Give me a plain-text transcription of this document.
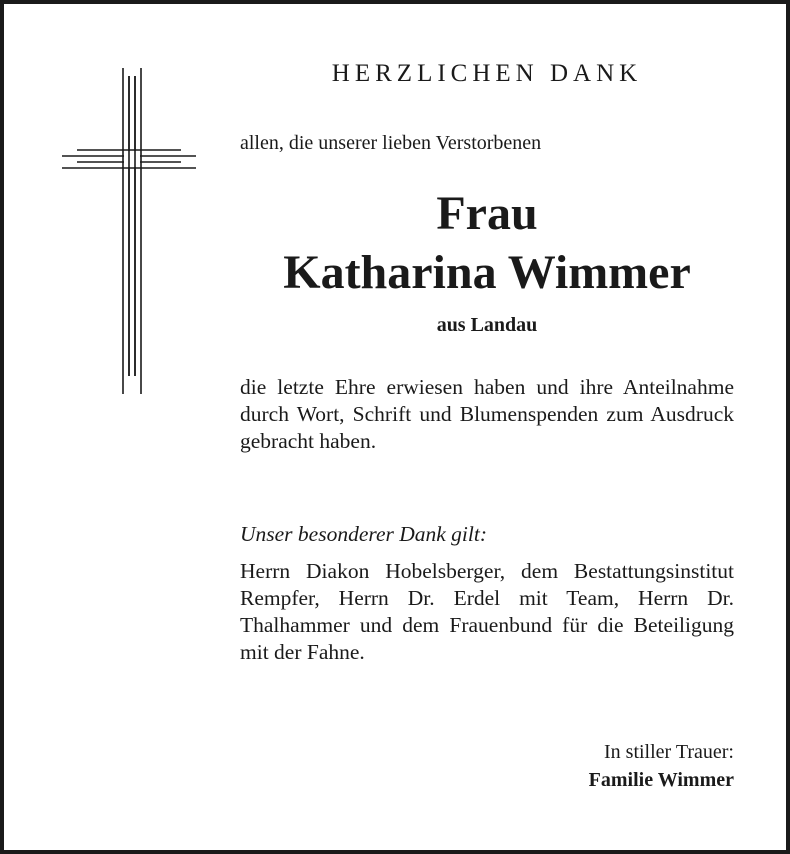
HERZLICHEN DANK
allen, die unserer lieben Verstorbenen
Frau
Katharina Wimmer
aus Landau
die letzte Ehre erwiesen haben und ihre Anteilnahme durch Wort, Schrift und Blumenspenden zum Ausdruck gebracht haben.
Unser besonderer Dank gilt:
Herrn Diakon Hobelsberger, dem Bestattungsinstitut Rempfer, Herrn Dr. Erdel mit Team, Herrn Dr. Thalhammer und dem Frauenbund für die Beteiligung mit der Fahne.
In stiller Trauer:
Familie Wimmer
